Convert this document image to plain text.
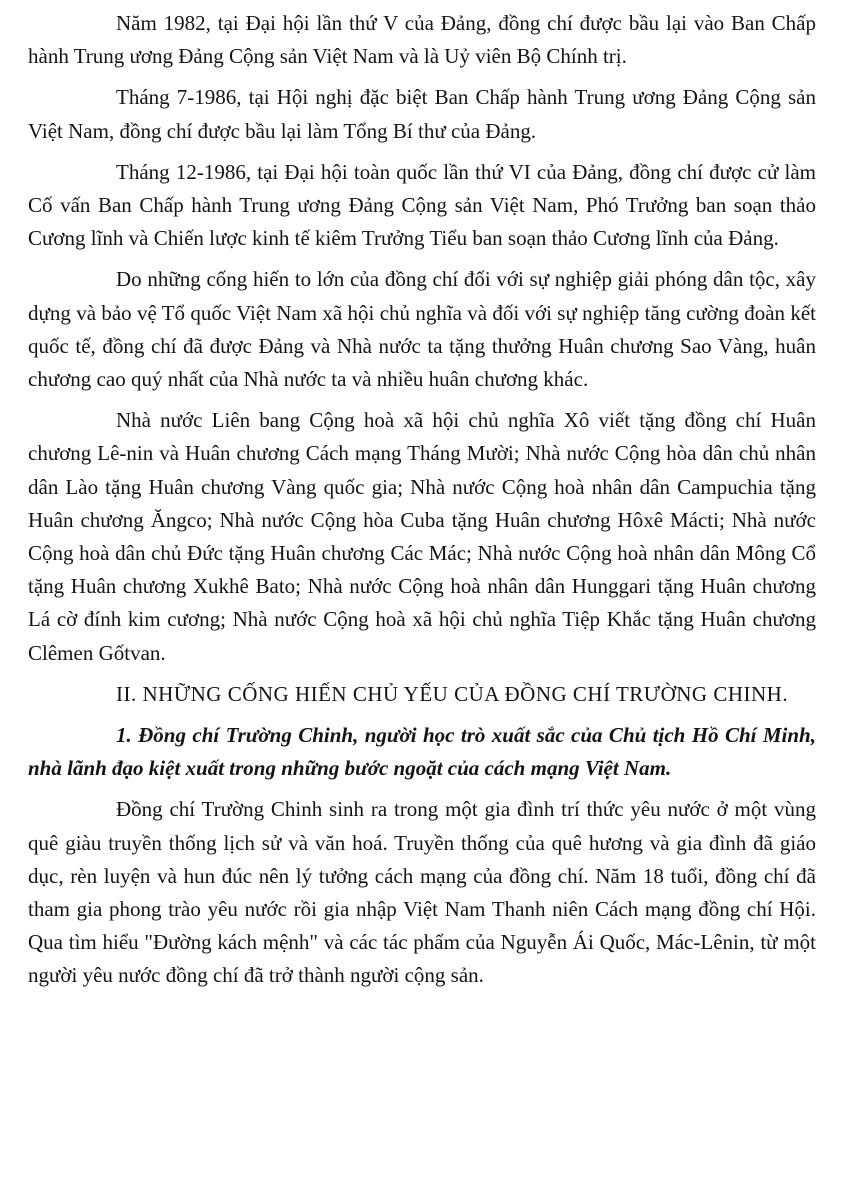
Năm 1982, tại Đại hội lần thứ V của Đảng, đồng chí được bầu lại vào Ban Chấp hành Trung ương Đảng Cộng sản Việt Nam và là Uỷ viên Bộ Chính trị.

Tháng 7-1986, tại Hội nghị đặc biệt Ban Chấp hành Trung ương Đảng Cộng sản Việt Nam, đồng chí được bầu lại làm Tổng Bí thư của Đảng.

Tháng 12-1986, tại Đại hội toàn quốc lần thứ VI của Đảng, đồng chí được cử làm Cố vấn Ban Chấp hành Trung ương Đảng Cộng sản Việt Nam, Phó Trưởng ban soạn thảo Cương lĩnh và Chiến lược kinh tế kiêm Trưởng Tiểu ban soạn thảo Cương lĩnh của Đảng.

Do những cống hiến to lớn của đồng chí đối với sự nghiệp giải phóng dân tộc, xây dựng và bảo vệ Tổ quốc Việt Nam xã hội chủ nghĩa và đối với sự nghiệp tăng cường đoàn kết quốc tế, đồng chí đã được Đảng và Nhà nước ta tặng thưởng Huân chương Sao Vàng, huân chương cao quý nhất của Nhà nước ta và nhiều huân chương khác.

Nhà nước Liên bang Cộng hoà xã hội chủ nghĩa Xô viết tặng đồng chí Huân chương Lê-nin và Huân chương Cách mạng Tháng Mười; Nhà nước Cộng hòa dân chủ nhân dân Lào tặng Huân chương Vàng quốc gia; Nhà nước Cộng hoà nhân dân Campuchia tặng Huân chương Ăngco; Nhà nước Cộng hòa Cuba tặng Huân chương Hôxê Mácti; Nhà nước Cộng hoà dân chủ Đức tặng Huân chương Các Mác; Nhà nước Cộng hoà nhân dân Mông Cổ tặng Huân chương Xukhê Bato; Nhà nước Cộng hoà nhân dân Hunggari tặng Huân chương Lá cờ đính kim cương; Nhà nước Cộng hoà xã hội chủ nghĩa Tiệp Khắc tặng Huân chương Clêmen Gốtvan.

II. NHỮNG CỐNG HIẾN CHỦ YẾU CỦA ĐỒNG CHÍ TRƯỜNG CHINH.

1. Đồng chí Trường Chinh, người học trò xuất sắc của Chủ tịch Hồ Chí Minh, nhà lãnh đạo kiệt xuất trong những bước ngoặt của cách mạng Việt Nam.

Đồng chí Trường Chinh sinh ra trong một gia đình trí thức yêu nước ở một vùng quê giàu truyền thống lịch sử và văn hoá. Truyền thống của quê hương và gia đình đã giáo dục, rèn luyện và hun đúc nên lý tưởng cách mạng của đồng chí. Năm 18 tuổi, đồng chí đã tham gia phong trào yêu nước rồi gia nhập Việt Nam Thanh niên Cách mạng đồng chí Hội. Qua tìm hiểu "Đường kách mệnh" và các tác phẩm của Nguyễn Ái Quốc, Mác-Lênin, từ một người yêu nước đồng chí đã trở thành người cộng sản.
